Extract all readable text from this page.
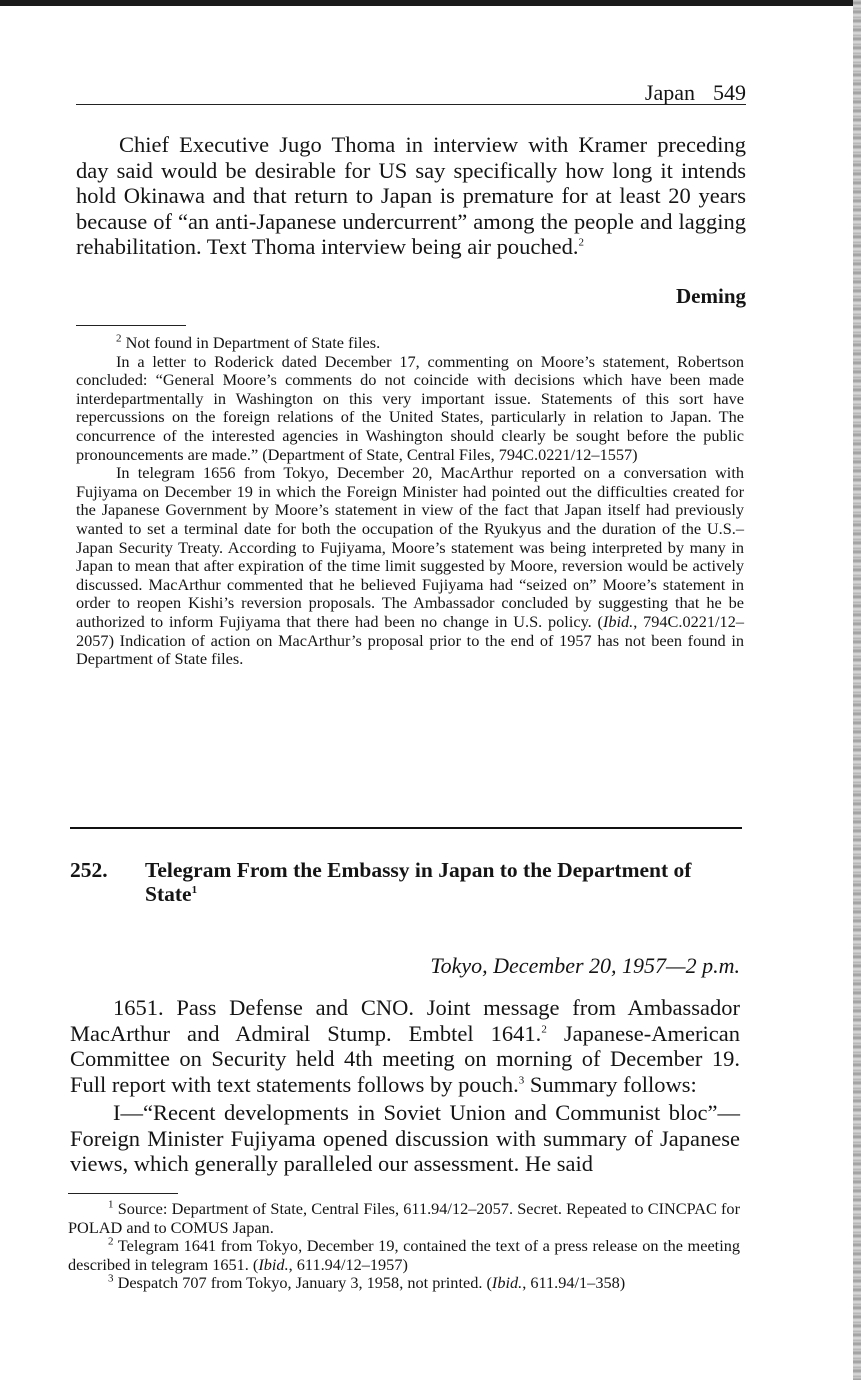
Japan 549

Chief Executive Jugo Thoma in interview with Kramer preceding day said would be desirable for US say specifically how long it intends hold Okinawa and that return to Japan is premature for at least 20 years because of “an anti-Japanese undercurrent” among the people and lagging rehabilitation. Text Thoma interview being air pouched.$^2$

Deming

$^2$ Not found in Department of State files.

In a letter to Roderick dated December 17, commenting on Moore’s statement, Robertson concluded: “General Moore’s comments do not coincide with decisions which have been made interdepartmentally in Washington on this very important issue. Statements of this sort have repercussions on the foreign relations of the United States, particularly in relation to Japan. The concurrence of the interested agencies in Washington should clearly be sought before the public pronouncements are made.” (Department of State, Central Files, 794C.0221/12–1557)

In telegram 1656 from Tokyo, December 20, MacArthur reported on a conversation with Fujiyama on December 19 in which the Foreign Minister had pointed out the difficulties created for the Japanese Government by Moore’s statement in view of the fact that Japan itself had previously wanted to set a terminal date for both the occupation of the Ryukyus and the duration of the U.S.–Japan Security Treaty. According to Fujiyama, Moore’s statement was being interpreted by many in Japan to mean that after expiration of the time limit suggested by Moore, reversion would be actively discussed. MacArthur commented that he believed Fujiyama had “seized on” Moore’s statement in order to reopen Kishi’s reversion proposals. The Ambassador concluded by suggesting that he be authorized to inform Fujiyama that there had been no change in U.S. policy. (Ibid., 794C.0221/12–2057) Indication of action on MacArthur’s proposal prior to the end of 1957 has not been found in Department of State files.

252. Telegram From the Embassy in Japan to the Department of State$^1$
Tokyo, December 20, 1957—2 p.m.

1651. Pass Defense and CNO. Joint message from Ambassador MacArthur and Admiral Stump. Embtel 1641.$^2$ Japanese-American Committee on Security held 4th meeting on morning of December 19. Full report with text statements follows by pouch.$^3$ Summary follows:

I—“Recent developments in Soviet Union and Communist bloc”—Foreign Minister Fujiyama opened discussion with summary of Japanese views, which generally paralleled our assessment. He said

$^1$ Source: Department of State, Central Files, 611.94/12–2057. Secret. Repeated to CINCPAC for POLAD and to COMUS Japan.

$^2$ Telegram 1641 from Tokyo, December 19, contained the text of a press release on the meeting described in telegram 1651. (Ibid., 611.94/12–1957)

$^3$ Despatch 707 from Tokyo, January 3, 1958, not printed. (Ibid., 611.94/1–358)
